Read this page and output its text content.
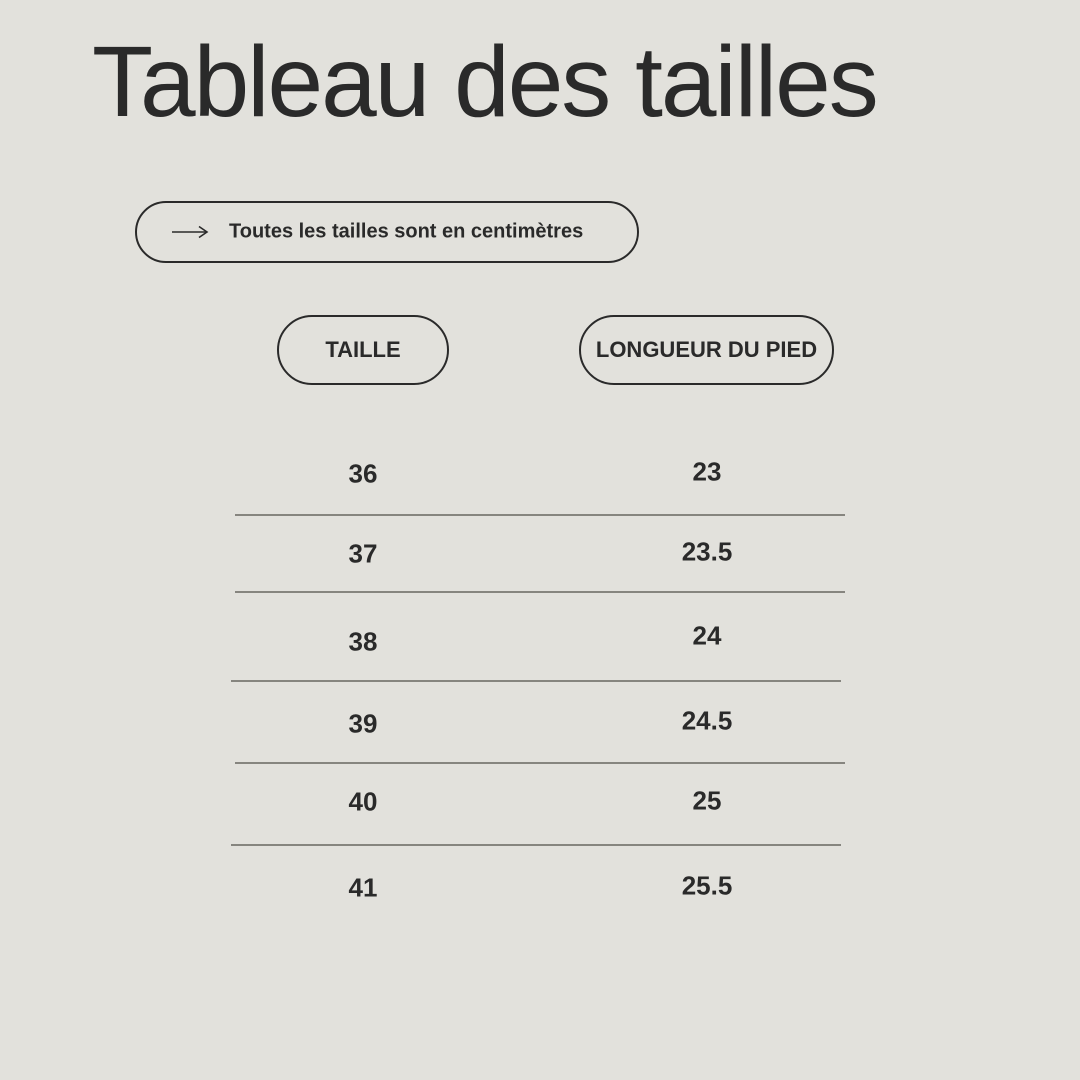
Tableau des tailles
Toutes les tailles sont en centimètres
TAILLE	LONGUEUR DU PIED
36	23
37	23.5
38	24
39	24.5
40	25
41	25.5
